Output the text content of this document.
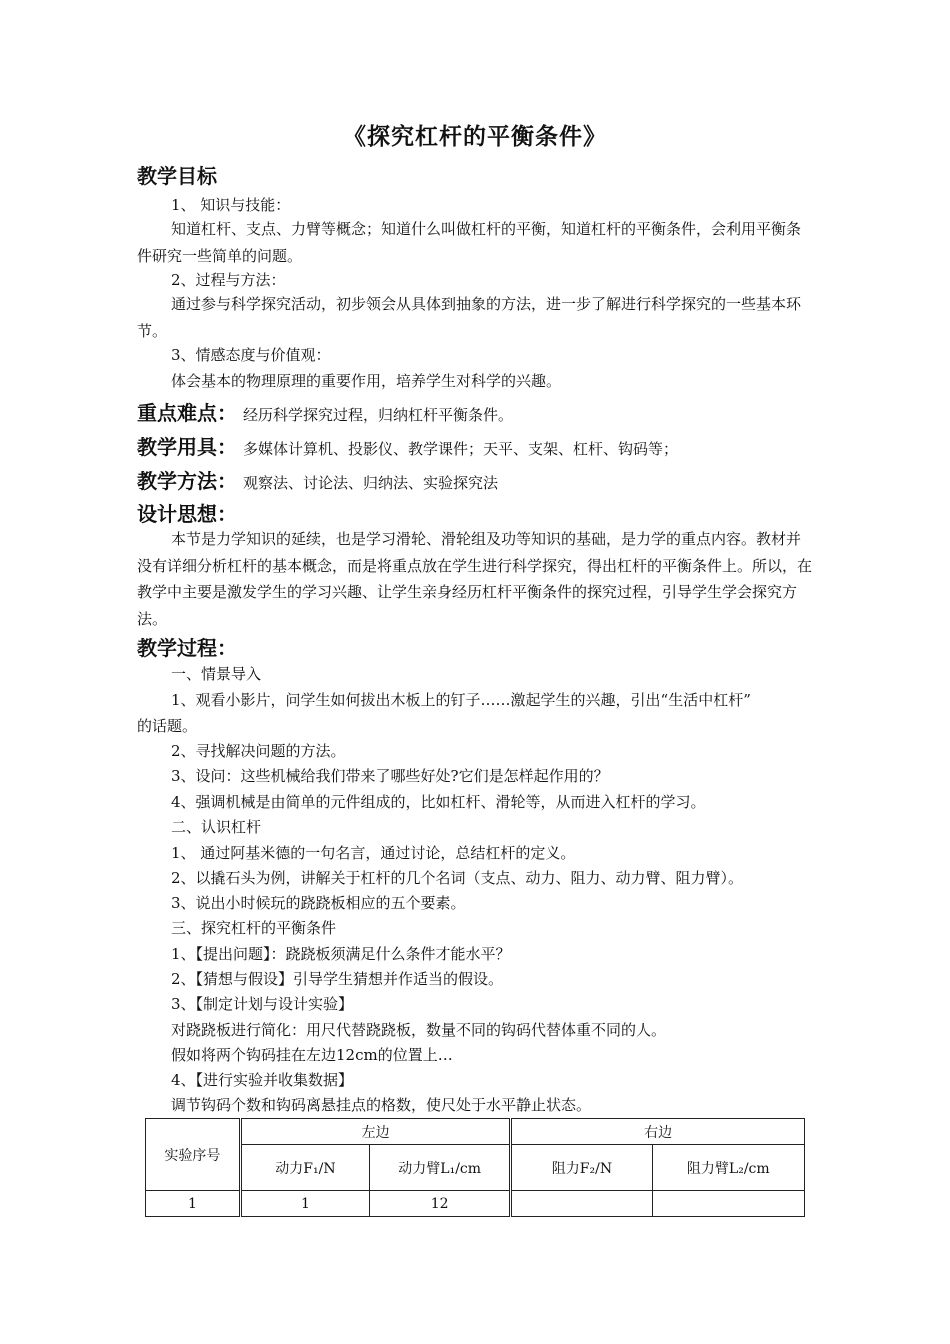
《探究杠杆的平衡条件》
教学目标
1、 知识与技能：
知道杠杆、支点、力臂等概念；知道什么叫做杠杆的平衡，知道杠杆的平衡条件，会利用平衡条件研究一些简单的问题。
2、过程与方法：
通过参与科学探究活动，初步领会从具体到抽象的方法，进一步了解进行科学探究的一些基本环节。
3、情感态度与价值观：
体会基本的物理原理的重要作用，培养学生对科学的兴趣。
重点难点： 经历科学探究过程，归纳杠杆平衡条件。
教学用具： 多媒体计算机、投影仪、教学课件；天平、支架、杠杆、钩码等；
教学方法： 观察法、讨论法、归纳法、实验探究法
设计思想：
本节是力学知识的延续，也是学习滑轮、滑轮组及功等知识的基础，是力学的重点内容。教材并没有详细分析杠杆的基本概念，而是将重点放在学生进行科学探究，得出杠杆的平衡条件上。所以，在教学中主要是激发学生的学习兴趣、让学生亲身经历杠杆平衡条件的探究过程，引导学生学会探究方法。
教学过程：
一、情景导入
1、观看小影片，问学生如何拔出木板上的钉子……激起学生的兴趣，引出“生活中杠杆”
的话题。
2、寻找解决问题的方法。
3、设问：这些机械给我们带来了哪些好处?它们是怎样起作用的？
4、强调机械是由简单的元件组成的，比如杠杆、滑轮等，从而进入杠杆的学习。
二、认识杠杆
1、 通过阿基米德的一句名言，通过讨论，总结杠杆的定义。
2、以撬石头为例，讲解关于杠杆的几个名词（支点、动力、阻力、动力臂、阻力臂）。
3、说出小时候玩的跷跷板相应的五个要素。
三、探究杠杆的平衡条件
1、【提出问题】：跷跷板须满足什么条件才能水平？
2、【猜想与假设】引导学生猜想并作适当的假设。
3、【制定计划与设计实验】
对跷跷板进行简化：用尺代替跷跷板，数量不同的钩码代替体重不同的人。
假如将两个钩码挂在左边12cm的位置上…
4、【进行实验并收集数据】
调节钩码个数和钩码离悬挂点的格数，使尺处于水平静止状态。
实验序号	左边		右边	
	动力F₁/N	动力臂L₁/cm	阻力F₂/N	阻力臂L₂/cm
1	1	12		
